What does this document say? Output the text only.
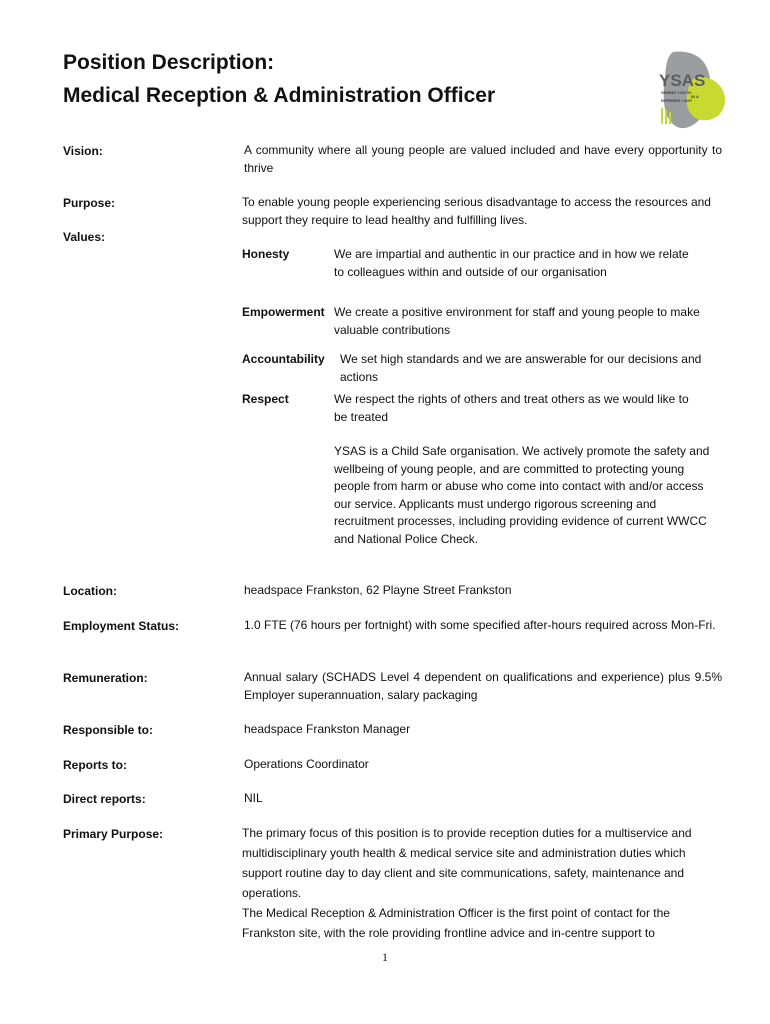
Position Description:
Medical Reception & Administration Officer
YSAS
SEEING YOUTH
IN A
DIFFERENT LIGHT
Vision:	A community where all young people are valued included and have every opportunity to thrive
Purpose:	To enable young people experiencing serious disadvantage to access the resources and support they require to lead healthy and fulfilling lives.
Values:
Honesty	We are impartial and authentic in our practice and in how we relate to colleagues within and outside of our organisation
Empowerment We create a positive environment for staff and young people to make valuable contributions
Accountability We set high standards and we are answerable for our decisions and actions
Respect	We respect the rights of others and treat others as we would like to be treated
YSAS is a Child Safe organisation. We actively promote the safety and wellbeing of young people, and are committed to protecting young people from harm or abuse who come into contact with and/or access our service. Applicants must undergo rigorous screening and recruitment processes, including providing evidence of current WWCC and National Police Check.
Location:	headspace Frankston, 62 Playne Street Frankston
Employment Status:	1.0 FTE (76 hours per fortnight) with some specified after-hours required across Mon-Fri.
Remuneration:	Annual salary (SCHADS Level 4 dependent on qualifications and experience) plus 9.5% Employer superannuation, salary packaging
Responsible to:	headspace Frankston Manager
Reports to:	Operations Coordinator
Direct reports:	NIL
Primary Purpose:	The primary focus of this position is to provide reception duties for a multiservice and multidisciplinary youth health & medical service site and administration duties which support routine day to day client and site communications, safety, maintenance and operations.

The Medical Reception & Administration Officer is the first point of contact for the Frankston site, with the role providing frontline advice and in-centre support to

1
